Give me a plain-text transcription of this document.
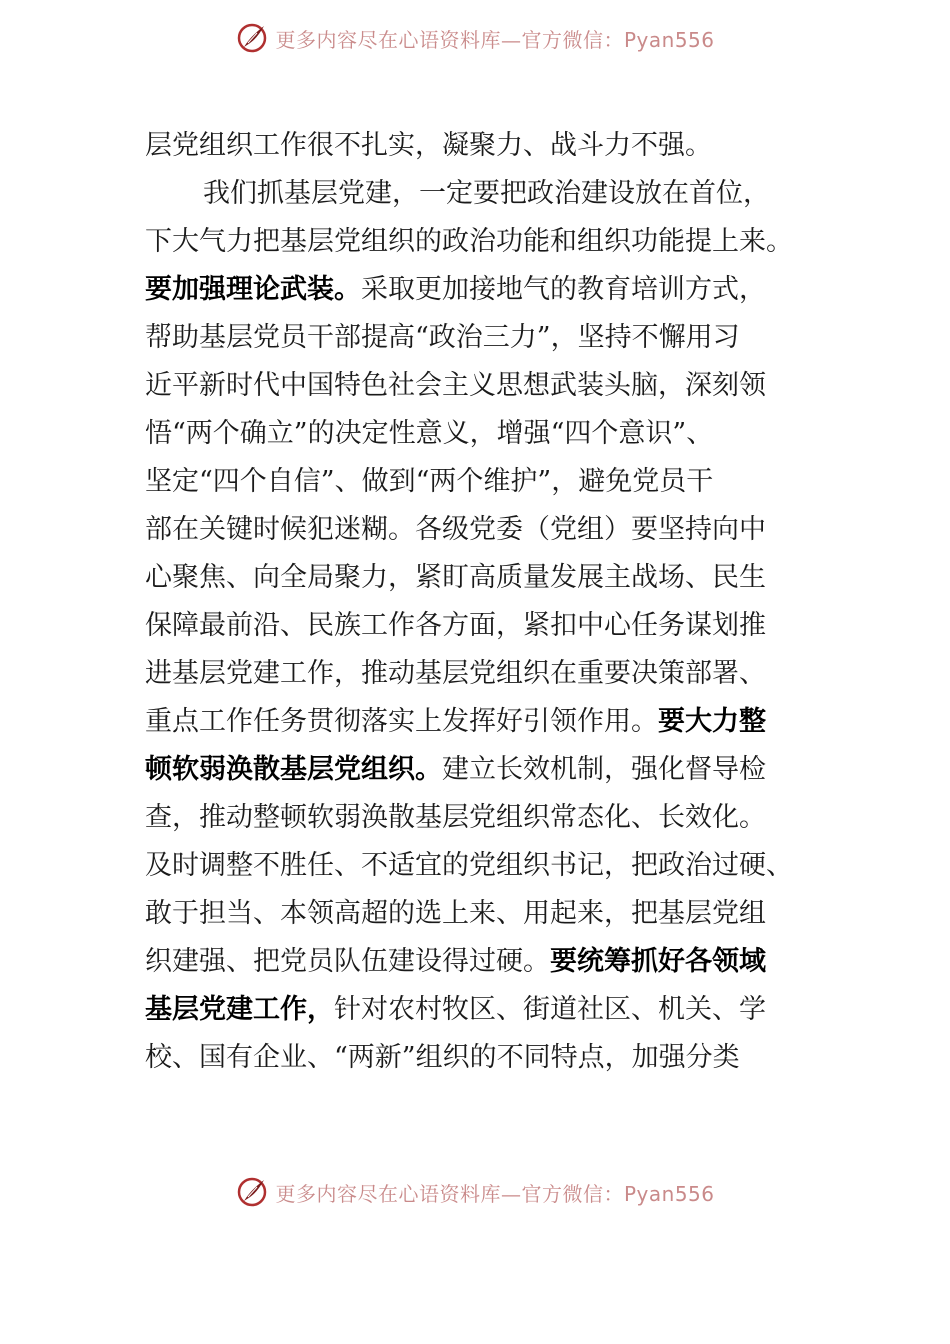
更多内容尽在心语资料库—官方微信：Pyan556
层党组织工作很不扎实，凝聚力、战斗力不强。
我们抓基层党建，一定要把政治建设放在首位，
下大气力把基层党组织的政治功能和组织功能提上来。
要加强理论武装。采取更加接地气的教育培训方式，
帮助基层党员干部提高“政治三力”，坚持不懈用习
近平新时代中国特色社会主义思想武装头脑，深刻领
悟“两个确立”的决定性意义，增强“四个意识”、
坚定“四个自信”、做到“两个维护”，避免党员干
部在关键时候犯迷糊。各级党委（党组）要坚持向中
心聚焦、向全局聚力，紧盯高质量发展主战场、民生
保障最前沿、民族工作各方面，紧扣中心任务谋划推
进基层党建工作，推动基层党组织在重要决策部署、
重点工作任务贯彻落实上发挥好引领作用。要大力整
顿软弱涣散基层党组织。建立长效机制，强化督导检
查，推动整顿软弱涣散基层党组织常态化、长效化。
及时调整不胜任、不适宜的党组织书记，把政治过硬、
敢于担当、本领高超的选上来、用起来，把基层党组
织建强、把党员队伍建设得过硬。要统筹抓好各领域
基层党建工作，针对农村牧区、街道社区、机关、学
校、国有企业、“两新”组织的不同特点，加强分类
更多内容尽在心语资料库—官方微信：Pyan556
